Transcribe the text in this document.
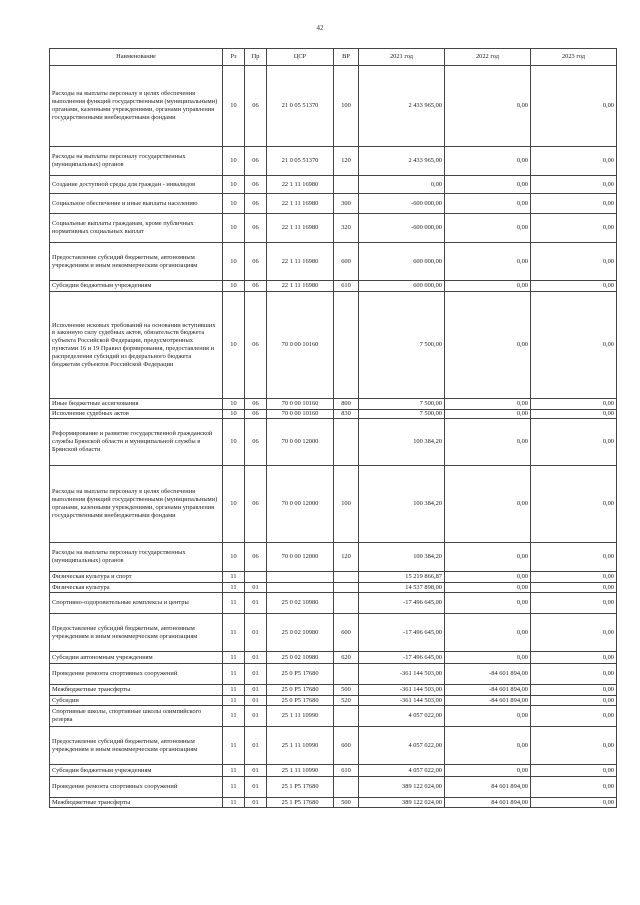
42
Наименование	Рз	Пр	ЦСР	ВР	2021 год	2022 год	2023 год
Расходы на выплаты персоналу в целях обеспечения выполнения функций государственными (муниципальными) органами, казенными учреждениями, органами управления государственными внебюджетными фондами	10	06	21 0 05 51370	100	2 433 965,00	0,00	0,00
Расходы на выплаты персоналу государственных (муниципальных) органов	10	06	21 0 05 51370	120	2 433 965,00	0,00	0,00
Создание доступной среды для граждан - инвалидов	10	06	22 1 11 16980		0,00	0,00	0,00
Социальное обеспечение и иные выплаты населению	10	06	22 1 11 16980	300	-600 000,00	0,00	0,00
Социальные выплаты гражданам, кроме публичных нормативных социальных выплат	10	06	22 1 11 16980	320	-600 000,00	0,00	0,00
Предоставление субсидий бюджетным, автономным учреждениям и иным некоммерческим организациям	10	06	22 1 11 16980	600	600 000,00	0,00	0,00
Субсидии бюджетным учреждениям	10	06	22 1 11 16980	610	600 000,00	0,00	0,00
Исполнение исковых требований на основании вступивших в законную силу судебных актов, обязательств бюджета субъекта Российской Федерации, предусмотренных пунктами 16 и 19 Правил формирования, предоставления и распределения субсидий из федерального бюджета бюджетам субъектов Российской Федерации	10	06	70 0 00 10160		7 500,00	0,00	0,00
Иные бюджетные ассигнования	10	06	70 0 00 10160	800	7 500,00	0,00	0,00
Исполнение судебных актов	10	06	70 0 00 10160	830	7 500,00	0,00	0,00
Реформирование и развитие государственной гражданской службы Брянской области и муниципальной службы в Брянской области	10	06	70 0 00 12000		100 384,20	0,00	0,00
Расходы на выплаты персоналу в целях обеспечения выполнения функций государственными (муниципальными) органами, казенными учреждениями, органами управления государственными внебюджетными фондами	10	06	70 0 00 12000	100	100 384,20	0,00	0,00
Расходы на выплаты персоналу государственных (муниципальных) органов	10	06	70 0 00 12000	120	100 384,20	0,00	0,00
Физическая культура и спорт	11				15 219 866,87	0,00	0,00
Физическая культура	11	01			14 537 898,00	0,00	0,00
Спортивно-оздоровительные комплексы и центры	11	01	25 0 02 10980		-17 496 645,00	0,00	0,00
Предоставление субсидий бюджетным, автономным учреждениям и иным некоммерческим организациям	11	01	25 0 02 10980	600	-17 496 645,00	0,00	0,00
Субсидии автономным учреждениям	11	01	25 0 02 10980	620	-17 496 645,00	0,00	0,00
Проведение ремонта спортивных сооружений	11	01	25 0 Р5 17680		-361 144 503,00	-84 601 894,00	0,00
Межбюджетные трансферты	11	01	25 0 Р5 17680	500	-361 144 503,00	-84 601 894,00	0,00
Субсидии	11	01	25 0 Р5 17680	520	-361 144 503,00	-84 601 894,00	0,00
Спортивные школы, спортивные школы олимпийского резерва	11	01	25 1 11 10990		4 057 022,00	0,00	0,00
Предоставление субсидий бюджетным, автономным учреждениям и иным некоммерческим организациям	11	01	25 1 11 10990	600	4 057 022,00	0,00	0,00
Субсидии бюджетным учреждениям	11	01	25 1 11 10990	610	4 057 022,00	0,00	0,00
Проведение ремонта спортивных сооружений	11	01	25 1 Р5 17680		389 122 024,00	84 601 894,00	0,00
Межбюджетные трансферты	11	01	25 1 Р5 17680	500	389 122 024,00	84 601 894,00	0,00
